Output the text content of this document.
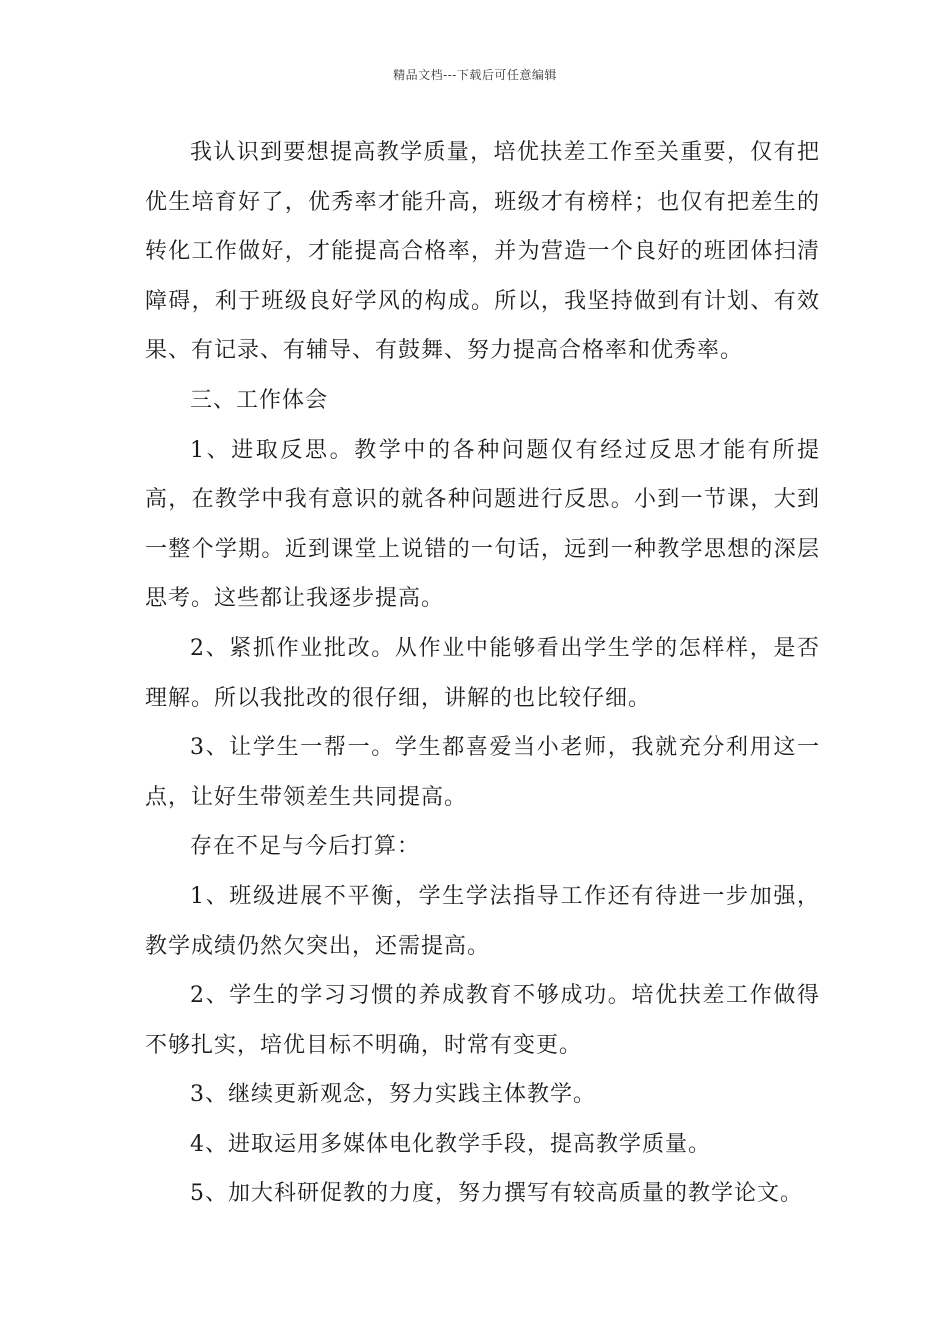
精品文档---下载后可任意编辑

我认识到要想提高教学质量，培优扶差工作至关重要，仅有把优生培育好了，优秀率才能升高，班级才有榜样；也仅有把差生的转化工作做好，才能提高合格率，并为营造一个良好的班团体扫清障碍，利于班级良好学风的构成。所以，我坚持做到有计划、有效果、有记录、有辅导、有鼓舞、努力提高合格率和优秀率。

三、工作体会

1、进取反思。教学中的各种问题仅有经过反思才能有所提高，在教学中我有意识的就各种问题进行反思。小到一节课，大到一整个学期。近到课堂上说错的一句话，远到一种教学思想的深层思考。这些都让我逐步提高。

2、紧抓作业批改。从作业中能够看出学生学的怎样样，是否理解。所以我批改的很仔细，讲解的也比较仔细。

3、让学生一帮一。学生都喜爱当小老师，我就充分利用这一点，让好生带领差生共同提高。

存在不足与今后打算：

1、班级进展不平衡，学生学法指导工作还有待进一步加强，教学成绩仍然欠突出，还需提高。

2、学生的学习习惯的养成教育不够成功。培优扶差工作做得不够扎实，培优目标不明确，时常有变更。

3、继续更新观念，努力实践主体教学。

4、进取运用多媒体电化教学手段，提高教学质量。

5、加大科研促教的力度，努力撰写有较高质量的教学论文。
